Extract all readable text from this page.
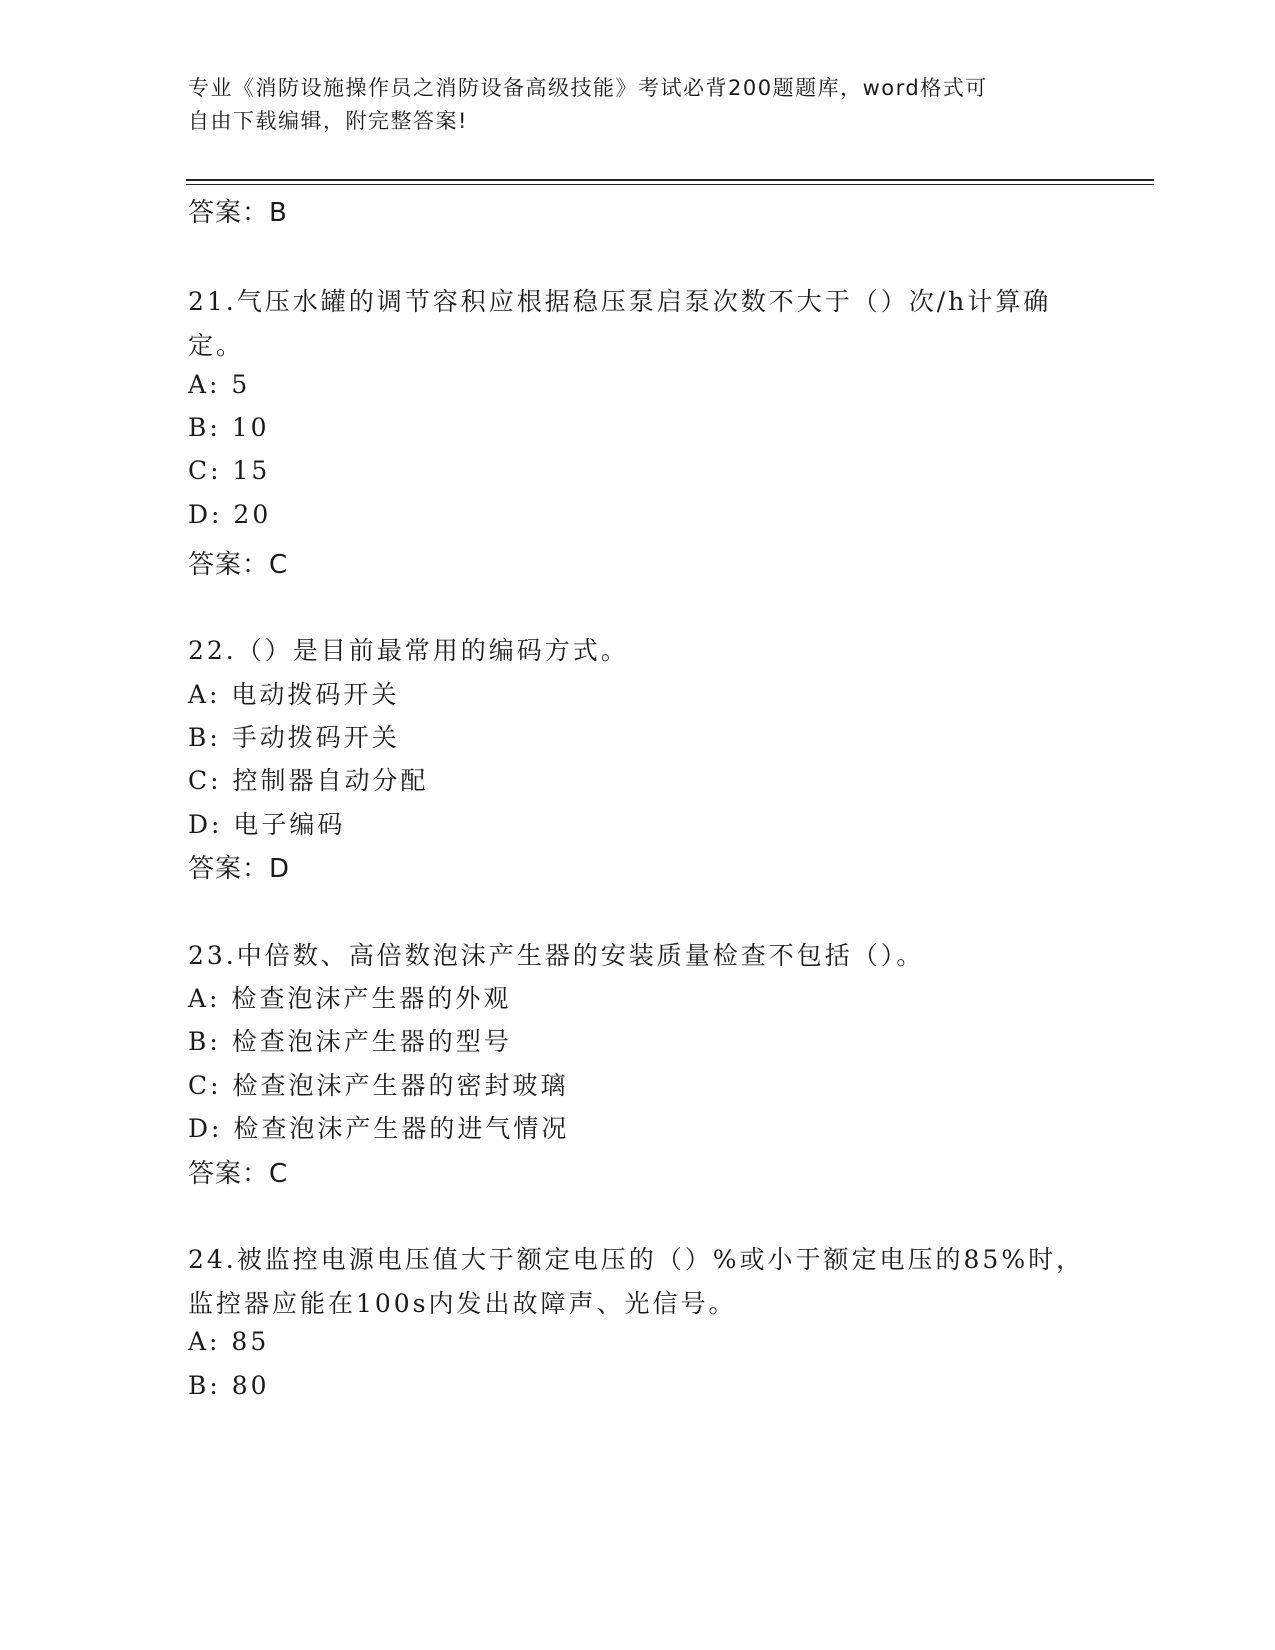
专业《消防设施操作员之消防设备高级技能》考试必背200题题库，word格式可
自由下载编辑，附完整答案!
答案：B
21.气压水罐的调节容积应根据稳压泵启泵次数不大于（）次/h计算确
定。
A: 5
B: 10
C: 15
D: 20
答案：C
22.（）是目前最常用的编码方式。
A: 电动拨码开关
B: 手动拨码开关
C: 控制器自动分配
D: 电子编码
答案：D
23.中倍数、高倍数泡沫产生器的安装质量检查不包括（）。
A: 检查泡沫产生器的外观
B: 检查泡沫产生器的型号
C: 检查泡沫产生器的密封玻璃
D: 检查泡沫产生器的进气情况
答案：C
24.被监控电源电压值大于额定电压的（）%或小于额定电压的85%时，
监控器应能在100s内发出故障声、光信号。
A: 85
B: 80
